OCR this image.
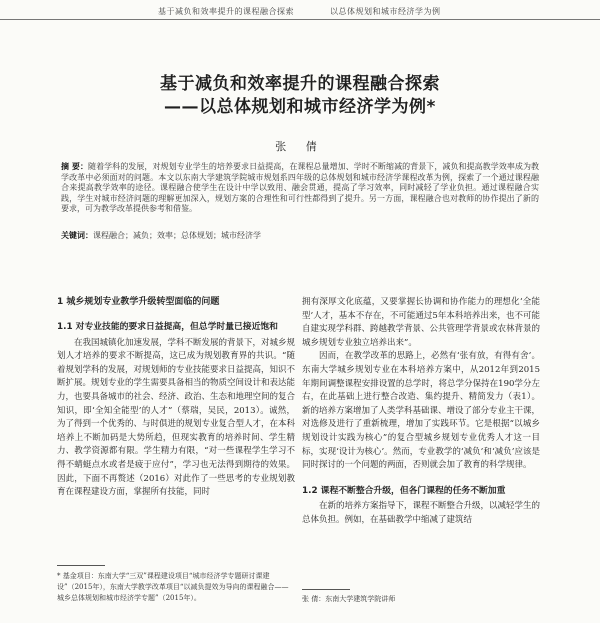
基于减负和效率提升的课程融合探索	以总体规划和城市经济学为例
基于减负和效率提升的课程融合探索
——以总体规划和城市经济学为例*
张 倩
摘 要：随着学科的发展，对规划专业学生的培养要求日益提高，在课程总量增加、学时不断缩减的背景下，减负和提高教学效率成为教学改革中必须面对的问题。本文以东南大学建筑学院城市规划系四年级的总体规划和城市经济学课程改革为例，探索了一个通过课程融合来提高教学效率的途径。课程融合使学生在设计中学以致用、融会贯通，提高了学习效率，同时减轻了学业负担。通过课程融合实践，学生对城市经济问题的理解更加深入，规划方案的合理性和可行性都得到了提升。另一方面，课程融合也对教师的协作提出了新的要求，可为教学改革提供参考和借鉴。
关键词：课程融合；减负；效率；总体规划；城市经济学
1 城乡规划专业教学升级转型面临的问题
1.1 对专业技能的要求日益提高，但总学时量已接近饱和

在我国城镇化加速发展，学科不断发展的背景下，对城乡规划人才培养的要求不断提高，这已成为规划教育界的共识。“随着规划学科的发展，对规划师的专业技能要求日益提高，知识不断扩展。规划专业的学生需要具备相当的物质空间设计和表达能力，也要具备城市的社会、经济、政治、生态和地理空间的复合知识，即‘全知全能型’的人才”（蔡瑞，吴民，2013）。诚然，为了得到一个优秀的、与时俱进的规划专业复合型人才，在本科培养上不断加码是大势所趋，但现实教育的培养时间、学生精力、教学资源都有限。学生精力有限，“对一些课程学生学习不得不蜻蜓点水或者是疲于应付”，学习也无法得到期待的效果。因此，下面不再赘述（2016）对此作了一些思考的专业规划教育在课程建设方面，掌握所有技能，同时

拥有深厚文化底蕴，又要掌握长协调和协作能力的理想化‘全能型’人才，基本不存在，不可能通过5年本科培养出来，也不可能自建实现学科群、跨越教学背景、公共管理学背景或农林背景的城乡规划专业独立培养出来”。

因而，在教学改革的思路上，必然有‘张有放，有得有舍’。东南大学城乡规划专业在本科培养方案中，从2012年到2015年期间调整课程安排设置的总学时，将总学分保持在190学分左右，在此基础上进行整合改造、集约提升、精简发力（表1）。新的培养方案增加了人类学科基础课、增设了部分专业主干课，对选修及进行了重新梳理，增加了实践环节。它是根据“以城乡规划设计实践为核心”的复合型城乡规划专业优秀人才这一目标，实现‘设计为核心’。然而，专业教学的‘减负’和‘减负’应该是同时探讨的一个问题的两面，否则就会加了教育的科学规律。

1.2 课程不断整合升级，但各门课程的任务不断加重

在新的培养方案指导下，课程不断整合升级，以减轻学生的总体负担。例如，在基础教学中缩减了建筑结

* 基金项目：东南大学“三双”课程建设项目“城市经济学专题研讨课建设”（2015年），东南大学教学改革项目“以减负提效为导向的课程融合——城乡总体规划和城市经济学专题”（2015年）。	张 倩：东南大学建筑学院讲师
